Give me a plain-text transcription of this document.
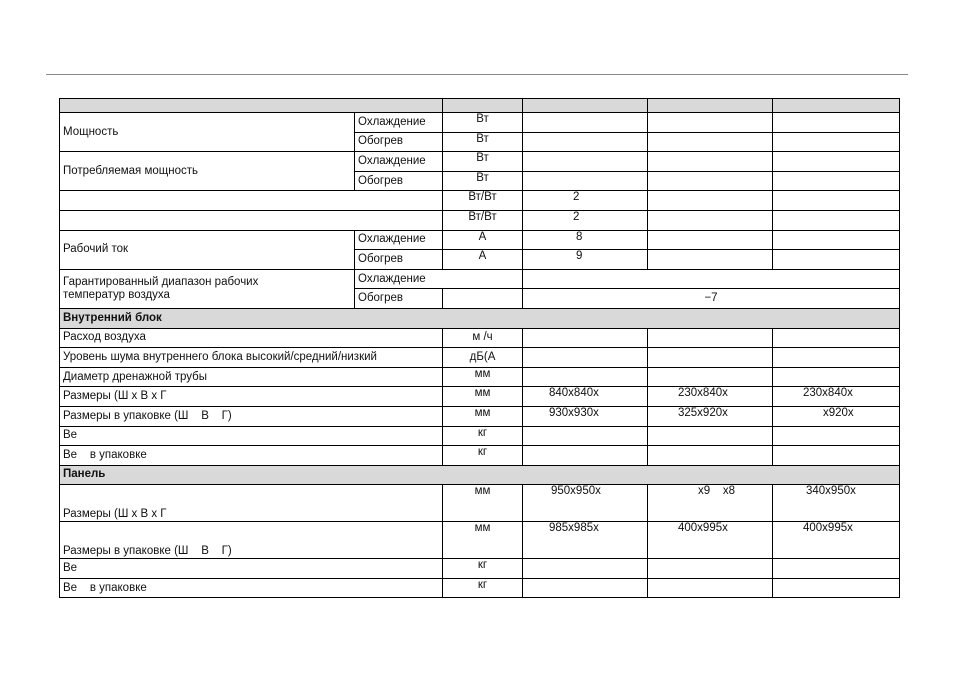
Мощность	Охлаждение	Вт			
	Обогрев	Вт			
Потребляемая мощность	Охлаждение	Вт			
	Обогрев	Вт			
		Вт/Вт	2		
		Вт/Вт	2		
Рабочий ток	Охлаждение	А	8		
	Обогрев	А	9		

Гарантированный диапазон рабочих
температур воздуха	Охлаждение				
	Обогрев		−7		
Внутренний блок					
Расход воздуха		м /ч			
Уровень шума внутреннего блока высокий/средний/низкий		дБ(А			
Диаметр дренажной трубы		мм			
Размеры (Ш х В х Г		мм	840x840x	230x840x	230x840x
Размеры в упаковке (Ш    В    Г)		мм	930x930x	325x920x	x920x
Ве		кг			
Ве    в упаковке		кг			
Панель					
Размеры (Ш х В х Г		мм	950x950x	x9    x8	340x950x
Размеры в упаковке (Ш    В    Г)		мм	985x985x	400x995x	400x995x
Ве		кг			
Ве    в упаковке		кг			
